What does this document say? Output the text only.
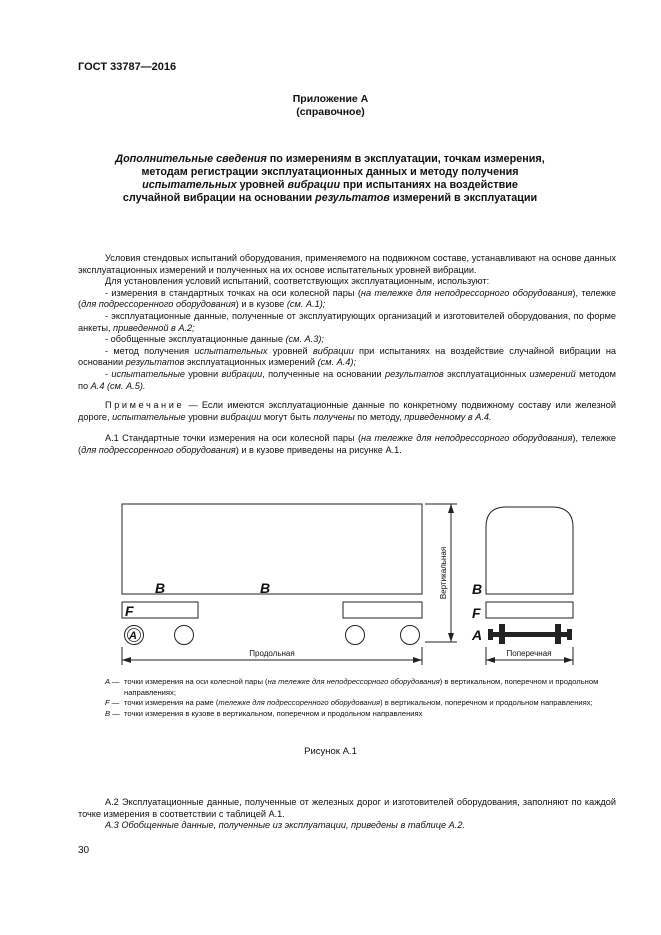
ГОСТ 33787—2016
Приложение А
(справочное)
Дополнительные сведения по измерениям в эксплуатации, точкам измерения,
методам регистрации эксплуатационных данных и методу получения
испытательных уровней вибрации при испытаниях на воздействие
случайной вибрации на основании результатов измерений в эксплуатации

Условия стендовых испытаний оборудования, применяемого на подвижном составе, устанавливают на основе данных эксплуатационных измерений и полученных на их основе испытательных уровней вибрации.

Для установления условий испытаний, соответствующих эксплуатационным, используют:

- измерения в стандартных точках на оси колесной пары (на тележке для неподрессорного оборудования), тележке (для подрессоренного оборудования) и в кузове (см. А.1);

- эксплуатационные данные, полученные от эксплуатирующих организаций и изготовителей оборудования, по форме анкеты, приведенной в А.2;

- обобщенные эксплуатационные данные (см. А.3);

- метод получения испытательных уровней вибрации при испытаниях на воздействие случайной вибрации на основании результатов эксплуатационных измерений (см. А.4);

- испытательные уровни вибрации, полученные на основании результатов эксплуатационных измерений методом по А.4 (см. А.5).

Примечание — Если имеются эксплуатационные данные по конкретному подвижному составу или железной дороге, испытательные уровни вибрации могут быть получены по методу, приведенному в А.4.

А.1 Стандартные точки измерения на оси колесной пары (на тележке для неподрессорного оборудования), тележке (для подрессоренного оборудования) и в кузове приведены на рисунке А.1.

B	B
F
B
F
A
A
Продольная	Поперечная
Вертикальная
A — точки измерения на оси колесной пары (на тележке для неподрессорного оборудования) в вертикальном, поперечном и продольном направлениях;
F — точки измерения на раме (тележке для подрессоренного оборудования) в вертикальном, поперечном и продольном направлениях;
B — точки измерения в кузове в вертикальном, поперечном и продольном направлениях
Рисунок А.1

А.2 Эксплуатационные данные, полученные от железных дорог и изготовителей оборудования, заполняют по каждой точке измерения в соответствии с таблицей А.1.

А.3 Обобщенные данные, полученные из эксплуатации, приведены в таблице А.2.

30
